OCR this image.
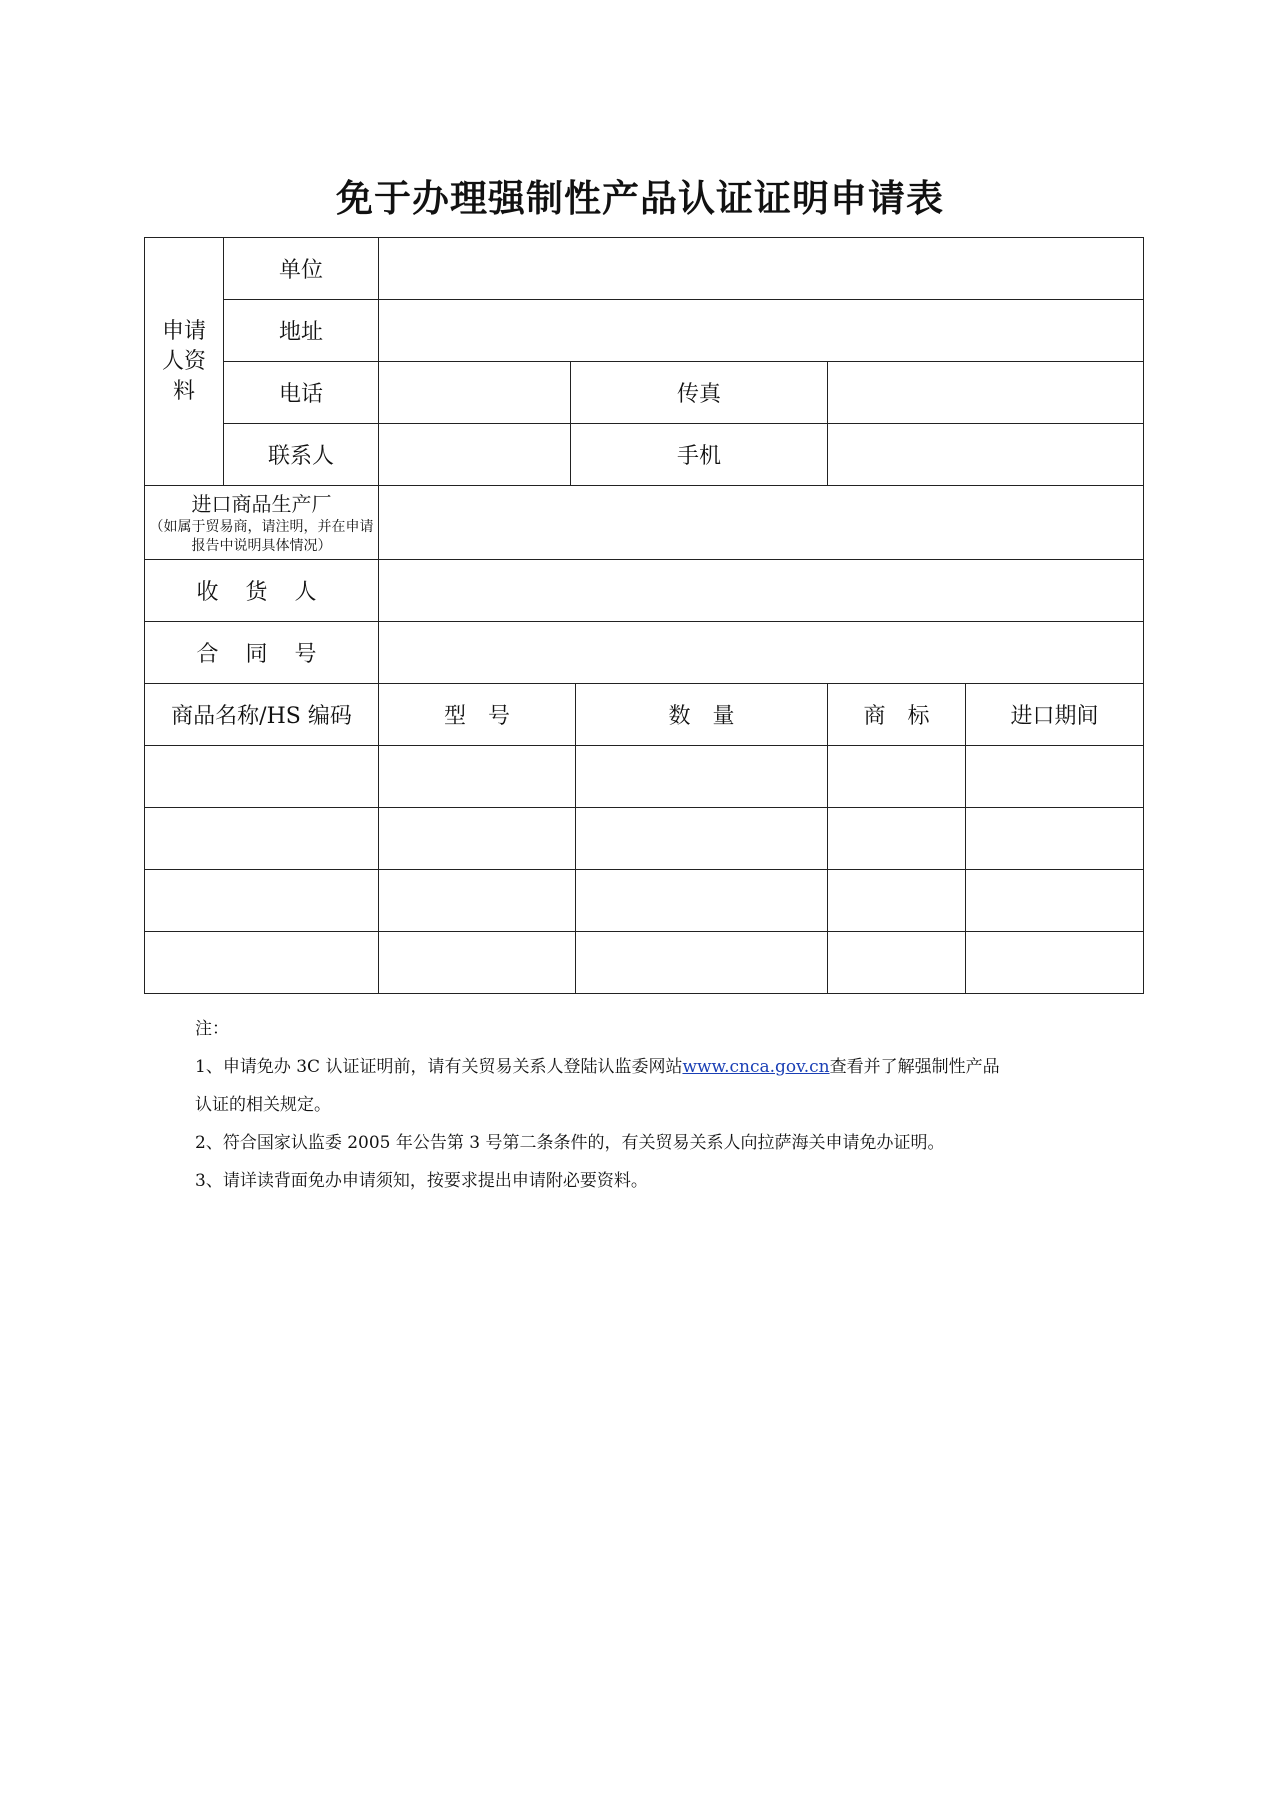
免于办理强制性产品认证证明申请表
申请人资料	单位					
	地址					
	电话		传真			
	联系人		手机			

进口商品生产厂
（如属于贸易商，请注明，并在申请报告中说明具体情况）						

收 货 人						
合 同 号						
商品名称/HS 编码		型　号		数　量	商　标	进口期间

注：

1、申请免办 3C 认证证明前，请有关贸易关系人登陆认监委网站www.cnca.gov.cn查看并了解强制性产品

认证的相关规定。

2、符合国家认监委 2005 年公告第 3 号第二条条件的，有关贸易关系人向拉萨海关申请免办证明。

3、请详读背面免办申请须知，按要求提出申请附必要资料。
